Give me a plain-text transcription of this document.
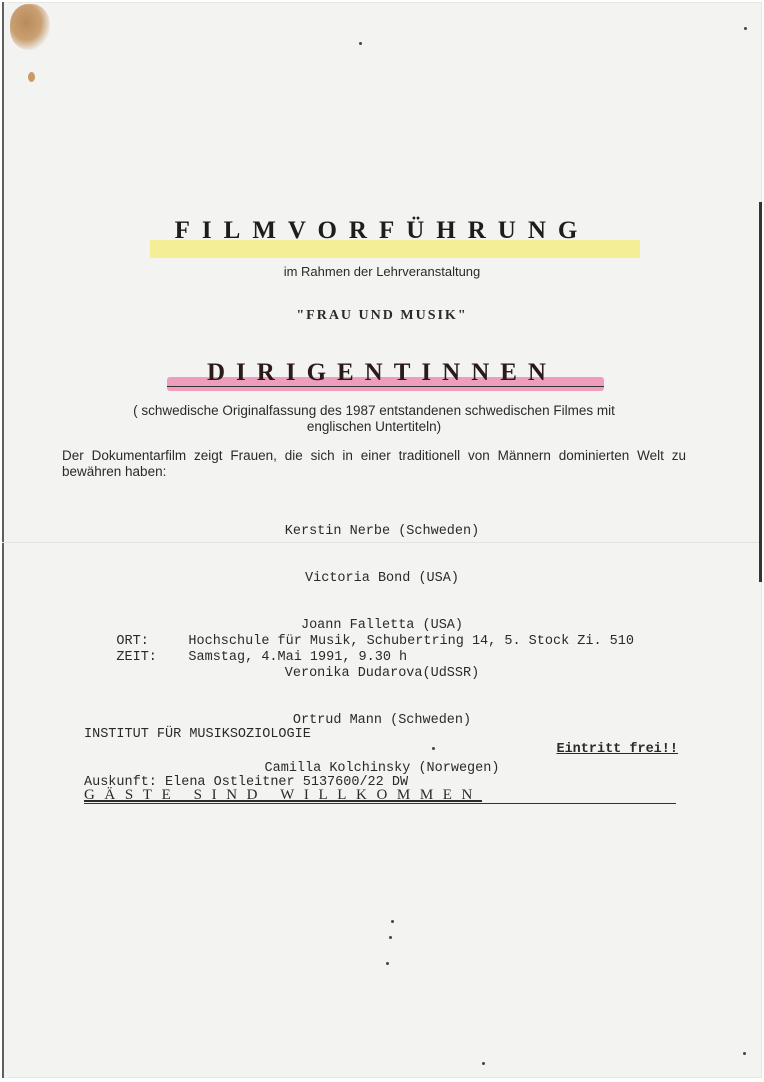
FILMVORFÜHRUNG
im Rahmen der Lehrveranstaltung
"FRAU UND MUSIK"
DIRIGENTINNEN
( schwedische Originalfassung des 1987 entstandenen schwedischen Filmes mit
englischen Untertiteln)
Der Dokumentarfilm zeigt Frauen, die sich in einer traditionell von Männern dominierten Welt zu bewähren haben:

Kerstin Nerbe (Schweden)

Victoria Bond (USA)

Joann Falletta (USA)

Veronika Dudarova(UdSSR)

Ortrud Mann (Schweden)

Camilla Kolchinsky (Norwegen)

ORT:	Hochschule für Musik, Schubertring 14, 5. Stock Zi. 510

ZEIT: Samstag, 4.Mai 1991, 9.30 h

INSTITUT FÜR MUSIKSOZIOLOGIE

Auskunft: Elena Ostleitner 5137600/22 DW

Eintritt frei!!
GÄSTE SIND WILLKOMMEN
